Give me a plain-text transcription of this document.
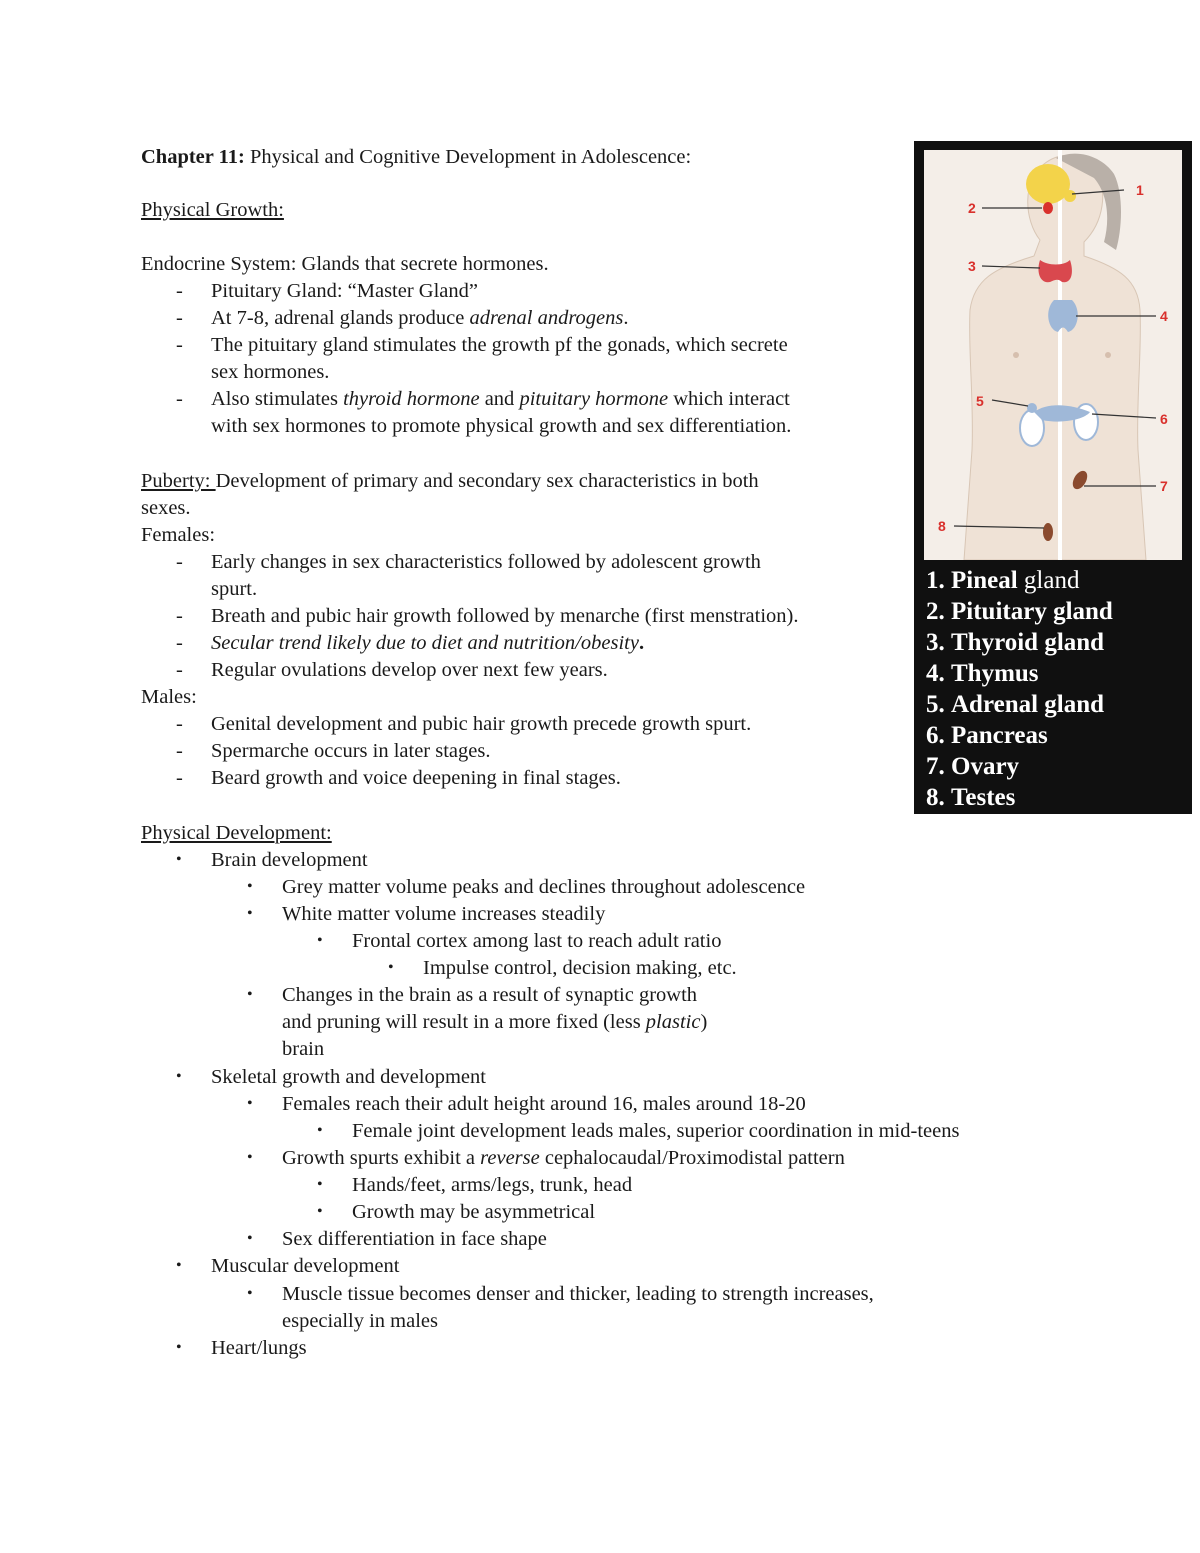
Chapter 11: Physical and Cognitive Development in Adolescence:
Physical Growth:
Endocrine System: Glands that secrete hormones.
- Pituitary Gland: “Master Gland”
- At 7-8, adrenal glands produce adrenal androgens.
- The pituitary gland stimulates the growth pf the gonads, which secrete
sex hormones.
- Also stimulates thyroid hormone and pituitary hormone which interact
with sex hormones to promote physical growth and sex differentiation.
Puberty: Development of primary and secondary sex characteristics in both
sexes.
Females:
- Early changes in sex characteristics followed by adolescent growth
spurt.
- Breath and pubic hair growth followed by menarche (first menstration).
- Secular trend likely due to diet and nutrition/obesity.
- Regular ovulations develop over next few years.
Males:
- Genital development and pubic hair growth precede growth spurt.
- Spermarche occurs in later stages.
- Beard growth and voice deepening in final stages.
Physical Development:
• Brain development
• Grey matter volume peaks and declines throughout adolescence
• White matter volume increases steadily
• Frontal cortex among last to reach adult ratio
• Impulse control, decision making, etc.
• Changes in the brain as a result of synaptic growth
and pruning will result in a more fixed (less plastic)
brain
• Skeletal growth and development
• Females reach their adult height around 16, males around 18-20
• Female joint development leads males, superior coordination in mid-teens
• Growth spurts exhibit a reverse cephalocaudal/Proximodistal pattern
• Hands/feet, arms/legs, trunk, head
• Growth may be asymmetrical
• Sex differentiation in face shape
• Muscular development
• Muscle tissue becomes denser and thicker, leading to strength increases,
especially in males
• Heart/lungs
1
2
3
4
5
6
7
8
1. Pineal gland
2. Pituitary gland
3. Thyroid gland
4. Thymus
5. Adrenal gland
6. Pancreas
7. Ovary
8. Testes
